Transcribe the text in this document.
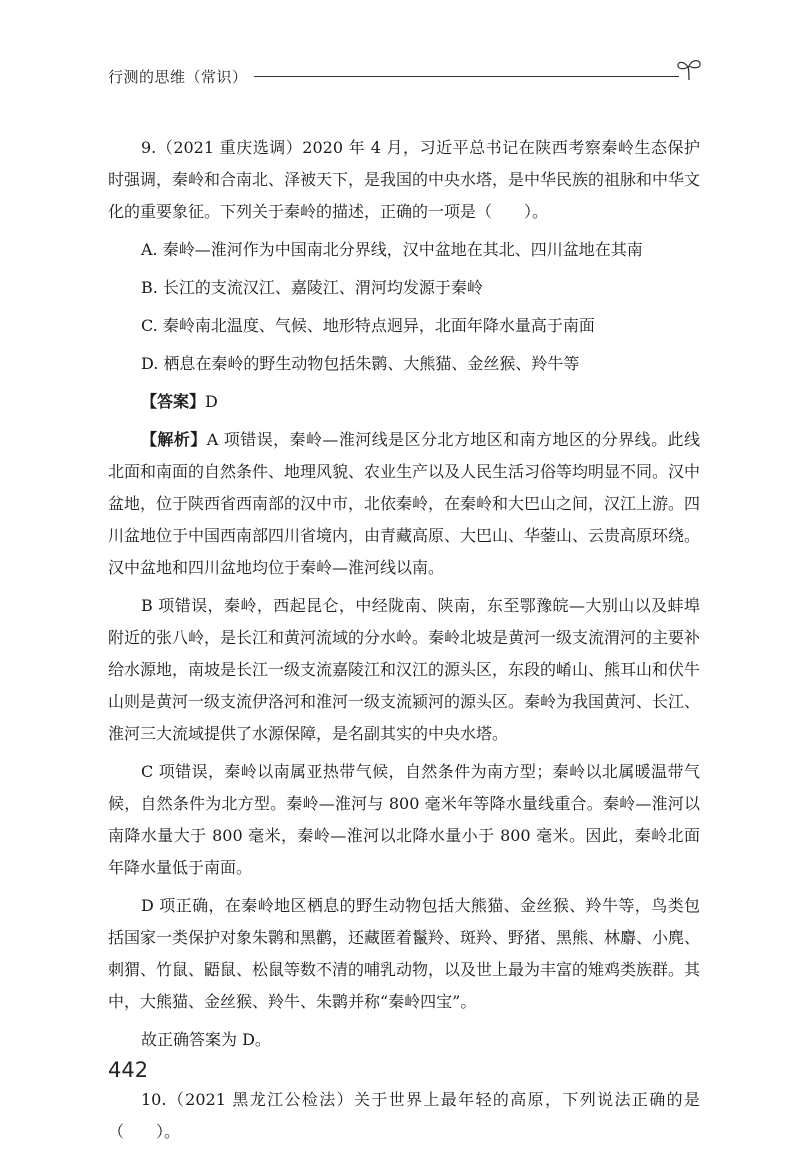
行测的思维（常识）

9.（2021 重庆选调）2020 年 4 月，习近平总书记在陕西考察秦岭生态保护时强调，秦岭和合南北、泽被天下，是我国的中央水塔，是中华民族的祖脉和中华文化的重要象征。下列关于秦岭的描述，正确的一项是（　　）。

A. 秦岭—淮河作为中国南北分界线，汉中盆地在其北、四川盆地在其南

B. 长江的支流汉江、嘉陵江、渭河均发源于秦岭

C. 秦岭南北温度、气候、地形特点迥异，北面年降水量高于南面

D. 栖息在秦岭的野生动物包括朱鹮、大熊猫、金丝猴、羚牛等

【答案】D

【解析】A 项错误，秦岭—淮河线是区分北方地区和南方地区的分界线。此线北面和南面的自然条件、地理风貌、农业生产以及人民生活习俗等均明显不同。汉中盆地，位于陕西省西南部的汉中市，北依秦岭，在秦岭和大巴山之间，汉江上游。四川盆地位于中国西南部四川省境内，由青藏高原、大巴山、华蓥山、云贵高原环绕。汉中盆地和四川盆地均位于秦岭—淮河线以南。

B 项错误，秦岭，西起昆仑，中经陇南、陕南，东至鄂豫皖—大别山以及蚌埠附近的张八岭，是长江和黄河流域的分水岭。秦岭北坡是黄河一级支流渭河的主要补给水源地，南坡是长江一级支流嘉陵江和汉江的源头区，东段的崤山、熊耳山和伏牛山则是黄河一级支流伊洛河和淮河一级支流颍河的源头区。秦岭为我国黄河、长江、淮河三大流域提供了水源保障，是名副其实的中央水塔。

C 项错误，秦岭以南属亚热带气候，自然条件为南方型；秦岭以北属暖温带气候，自然条件为北方型。秦岭—淮河与 800 毫米年等降水量线重合。秦岭—淮河以南降水量大于 800 毫米，秦岭—淮河以北降水量小于 800 毫米。因此，秦岭北面年降水量低于南面。

D 项正确，在秦岭地区栖息的野生动物包括大熊猫、金丝猴、羚牛等，鸟类包括国家一类保护对象朱鹮和黑鹳，还藏匿着鬣羚、斑羚、野猪、黑熊、林麝、小麂、刺猬、竹鼠、鼯鼠、松鼠等数不清的哺乳动物，以及世上最为丰富的雉鸡类族群。其中，大熊猫、金丝猴、羚牛、朱鹮并称“秦岭四宝”。

故正确答案为 D。

10.（2021 黑龙江公检法）关于世界上最年轻的高原，下列说法正确的是（　　）。

442
